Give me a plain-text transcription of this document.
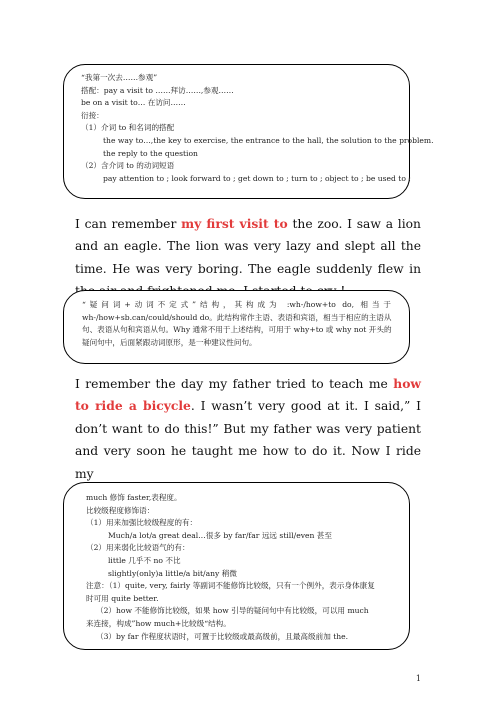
“我第一次去……参观”

搭配：pay a visit to ……拜访……,参观……

be on a visit to… 在访问……

衍接：

（1）介词 to 和名词的搭配

the way to…,the key to exercise, the entrance to the hall, the solution to the problem.

the reply to the question

（2）含介词 to 的动词短语

pay attention to ; look forward to ; get down to ; turn to ; object to ; be used to ;

I can remember my first visit to the zoo. I saw a lion and an eagle. The lion was very lazy and slept all the time. He was very boring. The eagle suddenly flew in

“疑问词+动词不定式”结构，其构成为 :wh-/how+to do, 相当于

wh-/how+sb.can/could/should do。此结构常作主语、表语和宾语，相当于相应的主语从

句、表语从句和宾语从句。Why 通常不用于上述结构，可用于 why+to 或 why not 开头的

疑问句中，后面紧跟动词原形，是一种建议性问句。

I remember the day my father tried to teach me how to ride a bicycle. I wasn’t very good at it. I said,” I don’t want to do this!” But my father was very patient and very soon he taught me how to do it. Now I ride my

much 修饰 faster,表程度。

比较级程度修饰语：

（1）用来加强比较级程度的有：

Much/a lot/a great deal…很多 by far/far 远远 still/even 甚至

（2）用来弱化比较语气的有：

little 几乎不 no 不比

slightly(only)a little/a bit/any 稍微

注意：（1）quite, very, fairly 等副词不能修饰比较级，只有一个例外，表示身体康复

时可用 quite better.

（2）how 不能修饰比较级，如果 how 引导的疑问句中有比较级，可以用 much

来连接，构成”how much+比较级“结构。

（3）by far 作程度状语时，可置于比较级或最高级前，且最高级前加 the.

1
